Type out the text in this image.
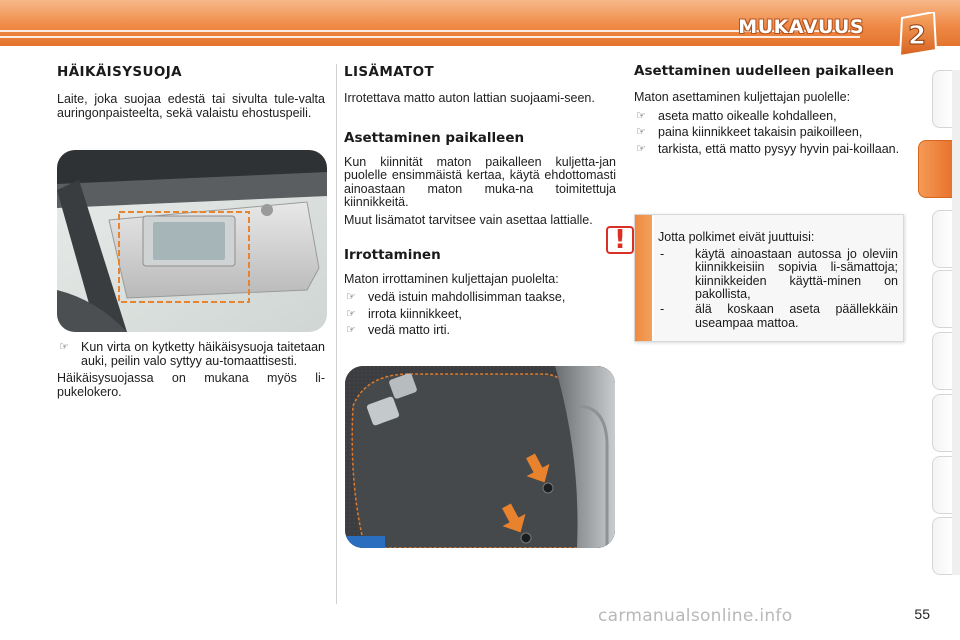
MUKAVUUS 2
HÄIKÄISYSUOJA

Laite, joka suojaa edestä tai sivulta tule-valta auringonpaisteelta, sekä valaistu ehostuspeili.

☞ Kun virta on kytketty häikäisysuoja taitetaan auki, peilin valo syttyy au-tomaattisesti.

Häikäisysuojassa on mukana myös li-pukelokero.

LISÄMATOT

Irrotettava matto auton lattian suojaami-seen.

Asettaminen paikalleen

Kun kiinnität maton paikalleen kuljetta-jan puolelle ensimmäistä kertaa, käytä ehdottomasti ainoastaan maton muka-na toimitettuja kiinnikkeitä.

Muut lisämatot tarvitsee vain asettaa lattialle.

Irrottaminen

Maton irrottaminen kuljettajan puolelta:

☞ vedä istuin mahdollisimman taakse,
☞ irrota kiinnikkeet,
☞ vedä matto irti.
Asettaminen uudelleen paikalleen

Maton asettaminen kuljettajan puolelle:

☞ aseta matto oikealle kohdalleen,
☞ paina kiinnikkeet takaisin paikoilleen,
☞ tarkista, että matto pysyy hyvin pai-koillaan.
!	Jotta polkimet eivät juuttuisi:
- käytä ainoastaan autossa jo oleviin kiinnikkeisiin sopivia li-sämattoja; kiinnikkeiden käyttä-minen on pakollista,
- älä koskaan aseta päällekkäin useampaa mattoa.
carmanualsonline.info	55
